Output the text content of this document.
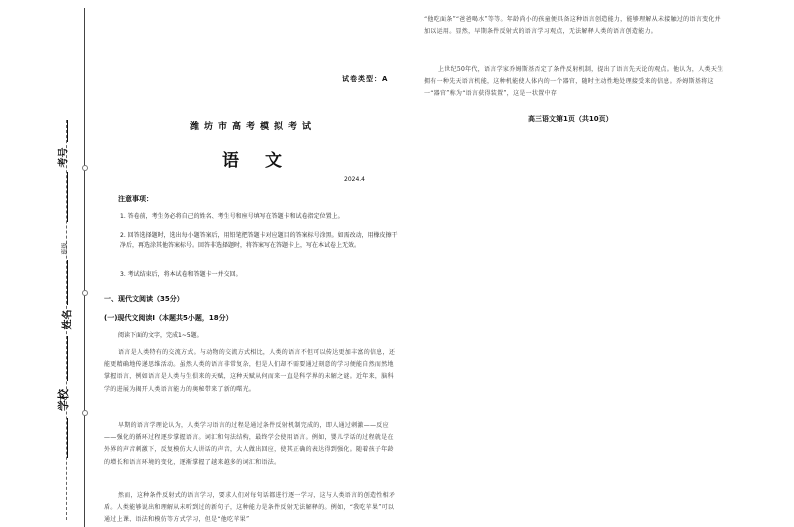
考号
班级
姓名
学校

试卷类型：A

潍坊市高考模拟考试

语文

2024.4

注意事项：

1. 答卷前，考生务必将自己的姓名、考生号和座号填写在答题卡和试卷指定位置上。

2. 回答选择题时，选出每小题答案后，用铅笔把答题卡对应题目的答案标号涂黑。如需改动，用橡皮擦干净后，再选涂其他答案标号。回答非选择题时，将答案写在答题卡上，写在本试卷上无效。

3. 考试结束后，将本试卷和答题卡一并交回。

一、现代文阅读（35分）

(一)现代文阅读Ⅰ（本题共5小题，18分）

阅读下面的文字，完成1~5题。

语言是人类特有的交流方式。与动物的交流方式相比，人类的语言不但可以传达更加丰富的信息，还能更精确地传递思维活动。虽然人类的语言非常复杂，但是人们却不需要通过刻意的学习便能自然而然地掌握语言，例如语言是人类与生俱来的天赋，这种天赋从何而来一直是科学界的未解之谜。近年来，脑科学的进展为揭开人类语言能力的奥秘带来了新的曙光。

早期的语言学理论认为，人类学习语言的过程是通过条件反射机制完成的，即人通过刺激——反应——强化的循环过程逐步掌握语言。词汇和句法结构，最终学会使用语言。例如，婴儿学话的过程就是在外界的声音刺激下，反复模仿大人讲话的声音，大人做出回应，使其正确的表达得到强化。随着孩子年龄的增长和语言环境的变化，逐渐掌握了越来越多的词汇和语法。

然而，这种条件反射式的语言学习，要求人们对每句话都进行逐一学习，这与人类语言的创造性相矛盾。人类能够说出和理解从未听到过的新句子，这种能力是条件反射无法解释的。例如，“我吃苹果”可以通过上课、语法和模仿等方式学习，但是“他吃苹果”

“他吃面条”“爸爸喝水”等等。年龄尚小的孩童便具备这种语言创造能力，能够理解从未接触过的语言变化并加以运用。显然，早期条件反射式的语言学习观点，无法解释人类的语言创造能力。

上世纪50年代，语言学家乔姆斯基否定了条件反射机制，提出了语言先天论的观点。他认为，人类天生拥有一种先天语言机能，这种机能使人体内的一个器官，随时主动性地处理接受来的信息。乔姆斯基将这一“器官”称为“语言获得装置”，这是一状置中存

高三语文第1页（共10页）
